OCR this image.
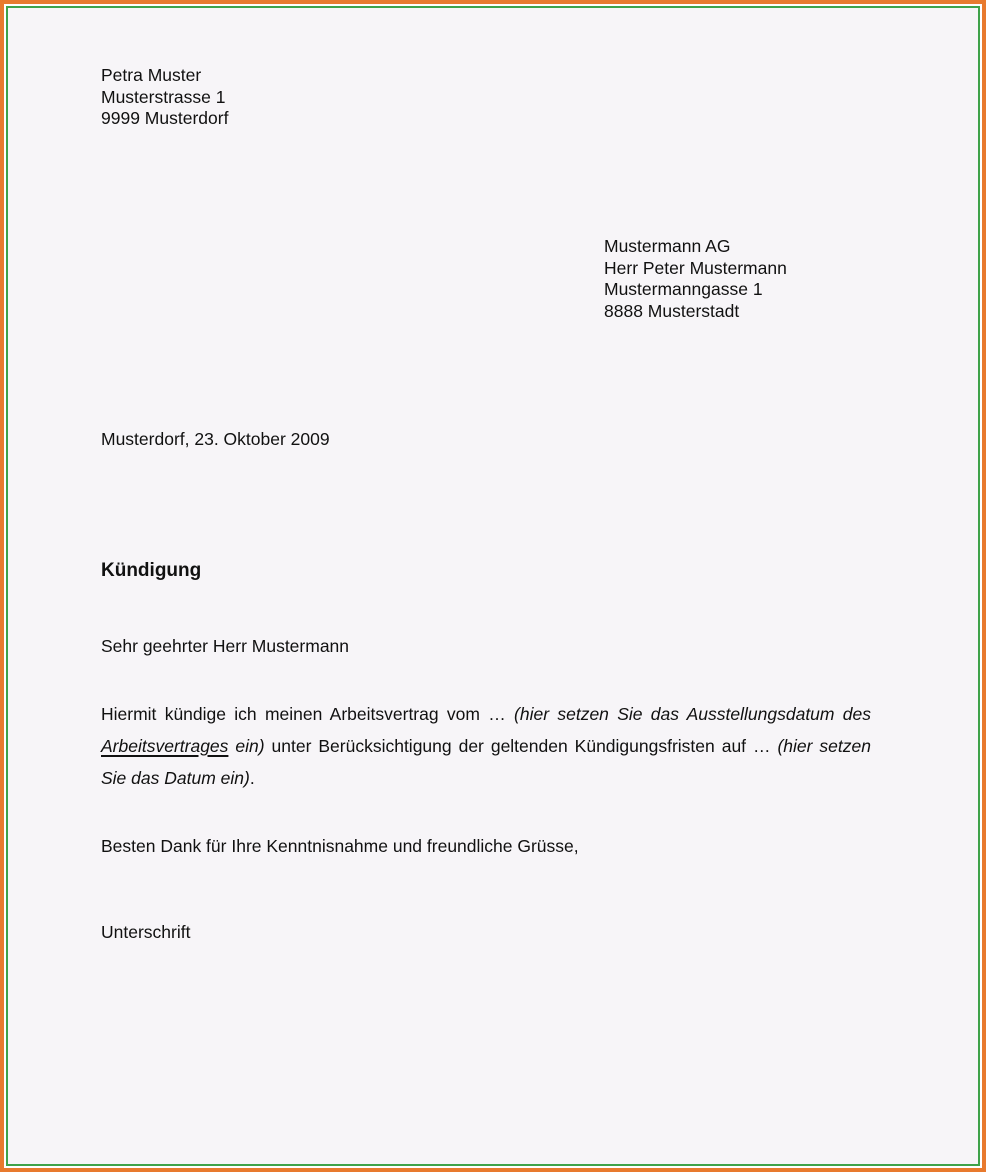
Petra Muster
Musterstrasse 1
9999 Musterdorf
Mustermann AG
Herr Peter Mustermann
Mustermanngasse 1
8888 Musterstadt
Musterdorf, 23. Oktober 2009
Kündigung
Sehr geehrter Herr Mustermann

Hiermit kündige ich meinen Arbeitsvertrag vom … (hier setzen Sie das Ausstellungsdatum des Arbeitsvertrages ein) unter Berücksichtigung der geltenden Kündigungsfristen auf … (hier setzen Sie das Datum ein).

Besten Dank für Ihre Kenntnisnahme und freundliche Grüsse,
Unterschrift
